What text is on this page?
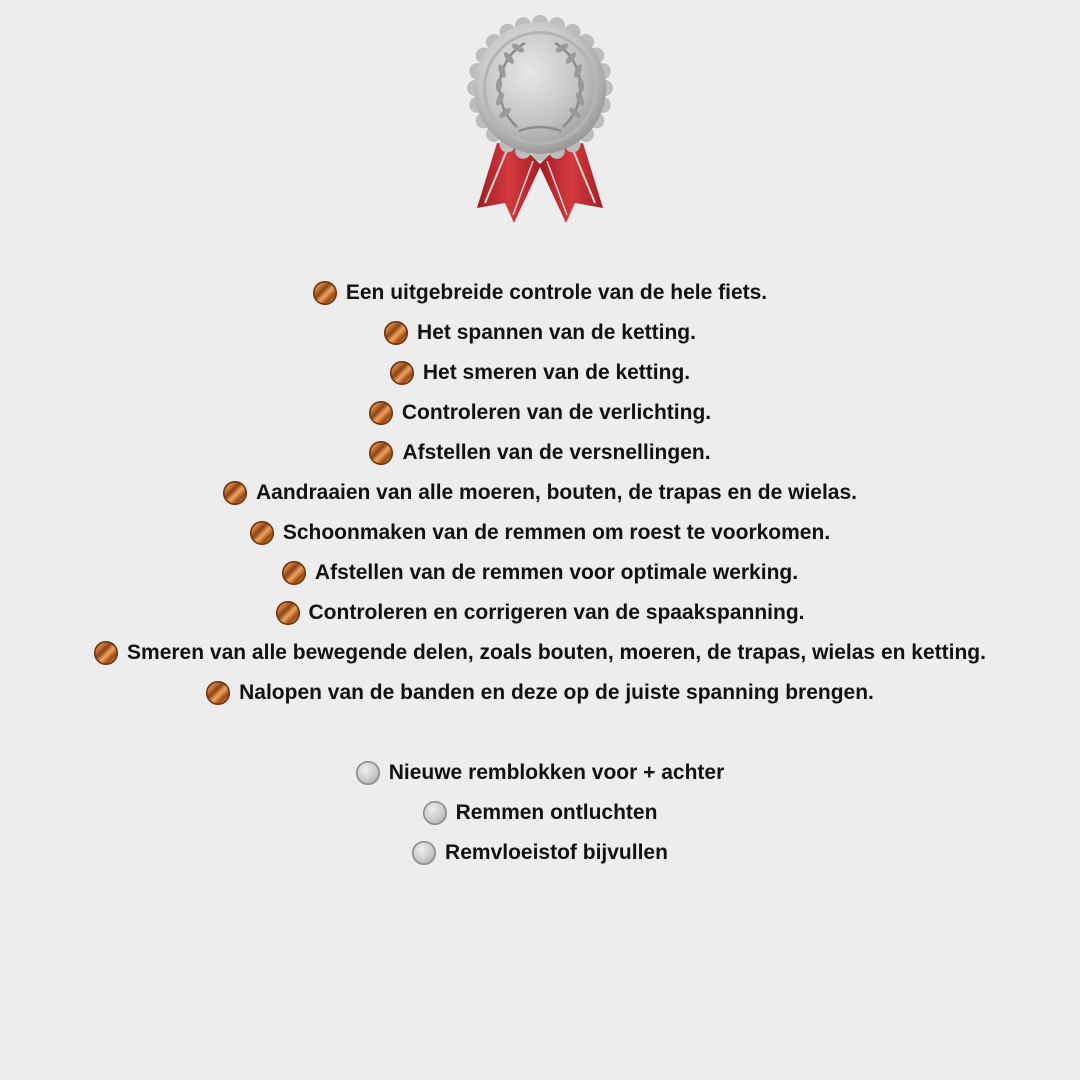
Een uitgebreide controle van de hele fiets.
Het spannen van de ketting.
Het smeren van de ketting.
Controleren van de verlichting.
Afstellen van de versnellingen.
Aandraaien van alle moeren, bouten, de trapas en de wielas.
Schoonmaken van de remmen om roest te voorkomen.
Afstellen van de remmen voor optimale werking.
Controleren en corrigeren van de spaakspanning.
Smeren van alle bewegende delen, zoals bouten, moeren, de trapas, wielas en ketting.
Nalopen van de banden en deze op de juiste spanning brengen.
Nieuwe remblokken voor + achter
Remmen ontluchten
Remvloeistof bijvullen
